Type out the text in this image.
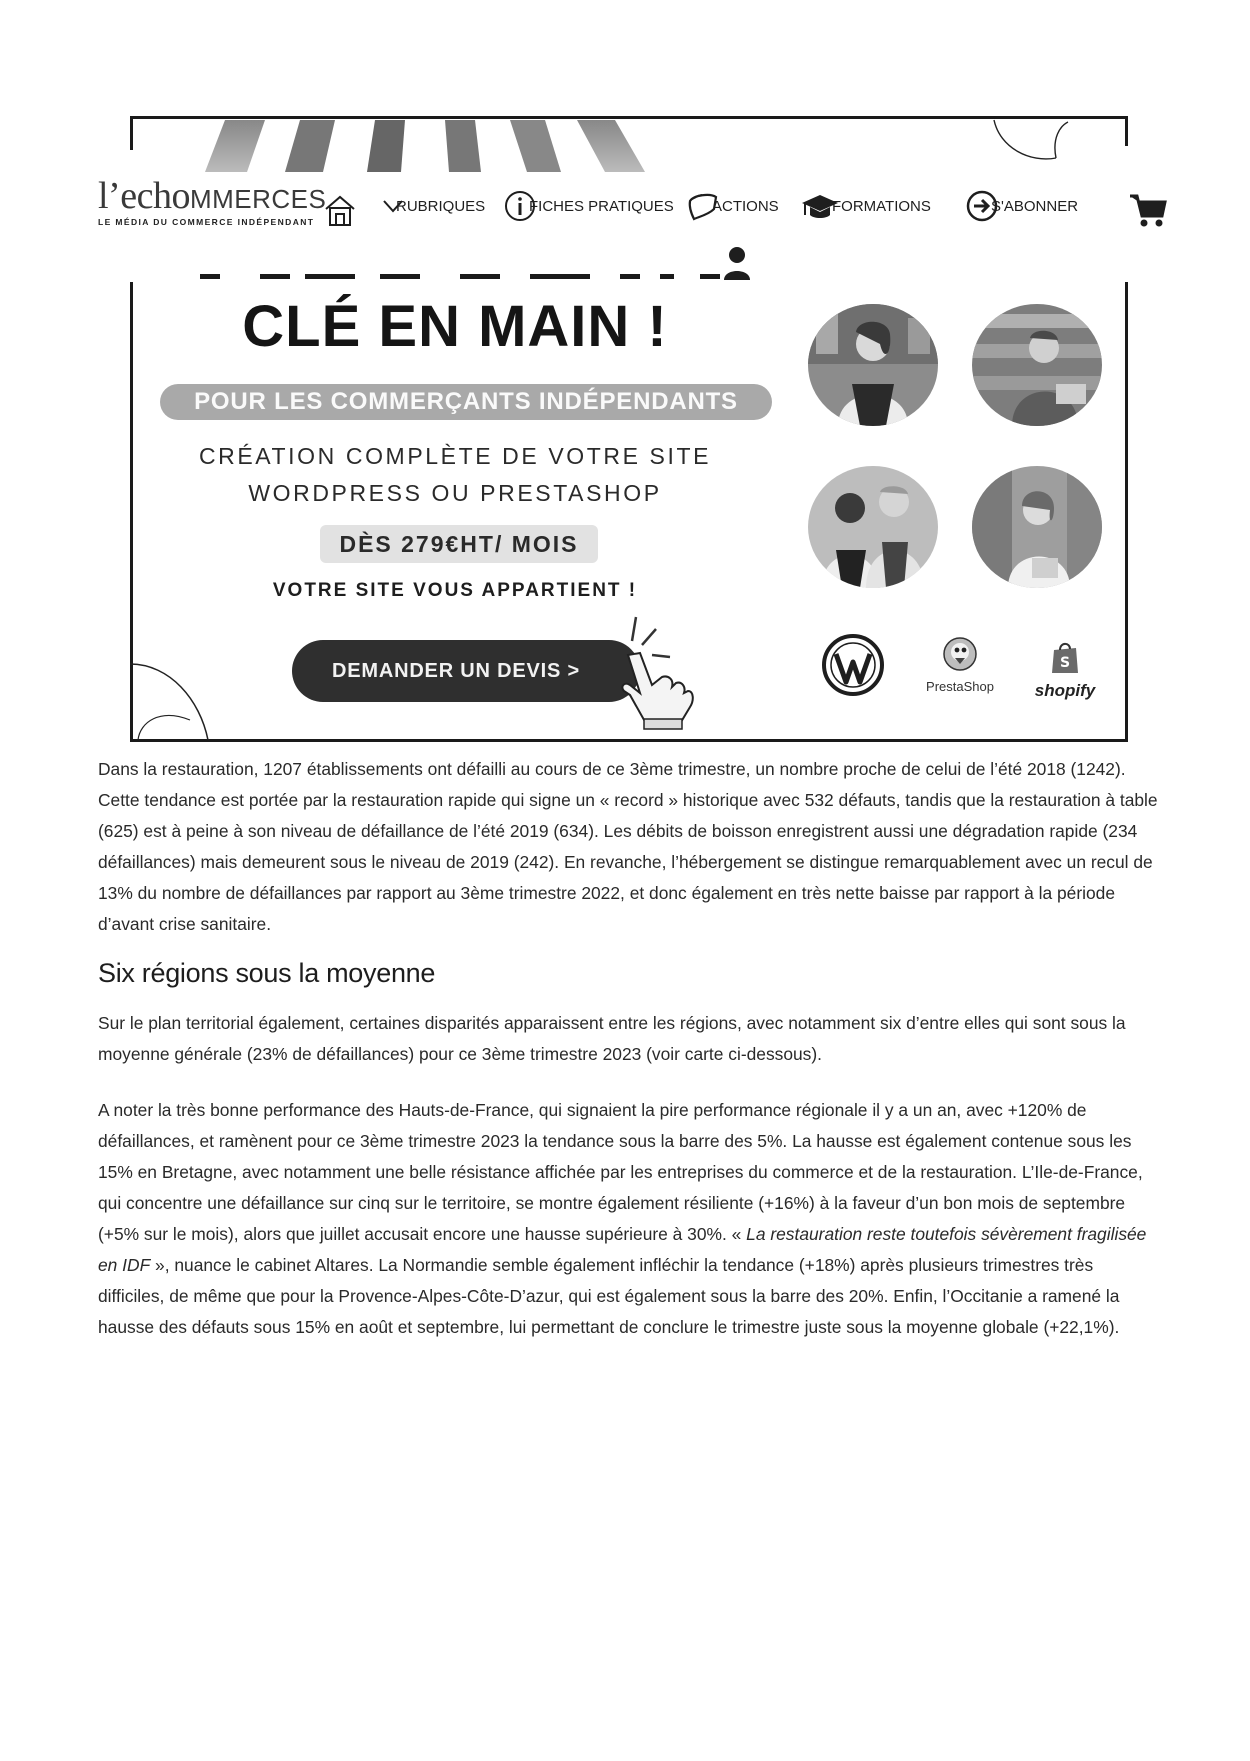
l’echoMMERCES
LE MÉDIA DU COMMERCE INDÉPENDANT
RUBRIQUES	FICHES PRATIQUES	ACTIONS	FORMATIONS	S'ABONNER
CLÉ EN MAIN !
POUR LES COMMERÇANTS INDÉPENDANTS
CRÉATION COMPLÈTE DE VOTRE SITE
WORDPRESS OU PRESTASHOP
DÈS 279€HT/ MOIS
VOTRE SITE VOUS APPARTIENT !
DEMANDER UN DEVIS >
PrestaShop
S
shopify

Dans la restauration, 1207 établissements ont défailli au cours de ce 3ème trimestre, un nombre proche de celui de l’été 2018 (1242). Cette tendance est portée par la restauration rapide qui signe un « record » historique avec 532 défauts, tandis que la restauration à table (625) est à peine à son niveau de défaillance de l’été 2019 (634). Les débits de boisson enregistrent aussi une dégradation rapide (234 défaillances) mais demeurent sous le niveau de 2019 (242). En revanche, l’hébergement se distingue remarquablement avec un recul de 13% du nombre de défaillances par rapport au 3ème trimestre 2022, et donc également en très nette baisse par rapport à la période d’avant crise sanitaire.

Six régions sous la moyenne

Sur le plan territorial également, certaines disparités apparaissent entre les régions, avec notamment six d’entre elles qui sont sous la moyenne générale (23% de défaillances) pour ce 3ème trimestre 2023 (voir carte ci-dessous).

A noter la très bonne performance des Hauts-de-France, qui signaient la pire performance régionale il y a un an, avec +120% de défaillances, et ramènent pour ce 3ème trimestre 2023 la tendance sous la barre des 5%. La hausse est également contenue sous les 15% en Bretagne, avec notamment une belle résistance affichée par les entreprises du commerce et de la restauration. L’Ile-de-France, qui concentre une défaillance sur cinq sur le territoire, se montre également résiliente (+16%) à la faveur d’un bon mois de septembre (+5% sur le mois), alors que juillet accusait encore une hausse supérieure à 30%. « La restauration reste toutefois sévèrement fragilisée en IDF », nuance le cabinet Altares. La Normandie semble également infléchir la tendance (+18%) après plusieurs trimestres très difficiles, de même que pour la Provence-Alpes-Côte-D’azur, qui est également sous la barre des 20%. Enfin, l’Occitanie a ramené la hausse des défauts sous 15% en août et septembre, lui permettant de conclure le trimestre juste sous la moyenne globale (+22,1%).
